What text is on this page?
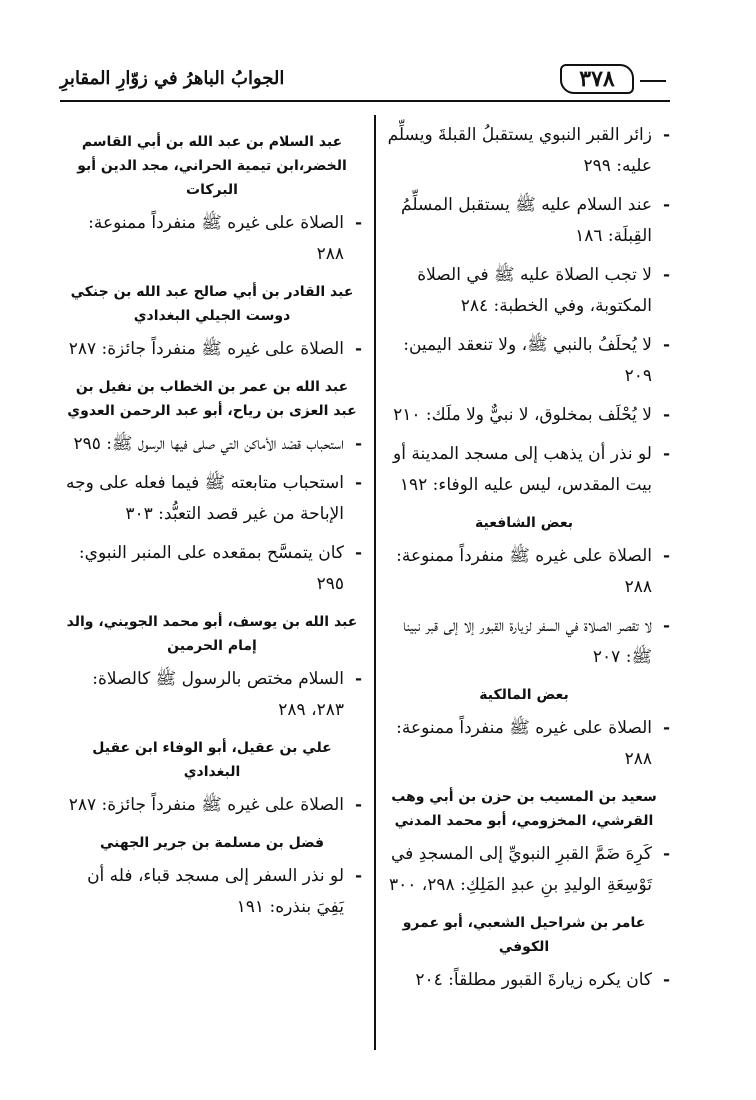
الجوابُ الباهرُ في زوّارِ المقابرِ	٣٧٨
-
زائر القبر النبوي يستقبلُ القبلةَ ويسلِّم عليه: ٢٩٩
-
عند السلام عليه ﷺ يستقبل المسلِّمُ القِبلَة: ١٨٦
-
لا تجب الصلاة عليه ﷺ في الصلاة المكتوبة، وفي الخطبة: ٢٨٤
-
لا يُحلَفُ بالنبي ﷺ، ولا تنعقد اليمين: ٢٠٩
-
لا يُحْلَف بمخلوق، لا نبيٌّ ولا ملَك: ٢١٠
-
لو نذر أن يذهب إلى مسجد المدينة أو بيت المقدس، ليس عليه الوفاء: ١٩٢
بعض الشافعية
-
الصلاة على غيره ﷺ منفرداً ممنوعة: ٢٨٨
-
لا تقصر الصلاة في السفر لزيارة القبور إلا إلى قبر نبينا ﷺ: ٢٠٧
بعض المالكية
-
الصلاة على غيره ﷺ منفرداً ممنوعة: ٢٨٨
سعيد بن المسيب بن حزن بن أبي وهب القرشي، المخزومي، أبو محمد المدني
-
كَرِهَ ضَمَّ القبرِ النبويِّ إلى المسجدِ في تَوْسِعَةِ الوليدِ بنِ عبدِ المَلِكِ: ٢٩٨، ٣٠٠
عامر بن شراحيل الشعبي، أبو عمرو الكوفي
-
كان يكره زيارةَ القبور مطلقاً: ٢٠٤
عبد السلام بن عبد الله بن أبي القاسم الخضر،ابن تيمية الحراني، مجد الدين أبو البركات
-
الصلاة على غيره ﷺ منفرداً ممنوعة: ٢٨٨
عبد القادر بن أبي صالح عبد الله بن جنكي دوست الجيلي البغدادي
-
الصلاة على غيره ﷺ منفرداً جائزة: ٢٨٧
عبد الله بن عمر بن الخطاب بن نفيل بن عبد العزى بن رياح، أبو عبد الرحمن العدوي
-
استحباب قصْد الأماكن التي صلى فيها الرسول ﷺ: ٢٩٥
-
استحباب متابعته ﷺ فيما فعله على وجه الإباحة من غير قصد التعبُّد: ٣٠٣
-
كان يتمسَّح بمقعده على المنبر النبوي: ٢٩٥
عبد الله بن يوسف، أبو محمد الجويني، والد إمام الحرمين
-
السلام مختص بالرسول ﷺ كالصلاة: ٢٨٣، ٢٨٩
علي بن عقيل، أبو الوفاء ابن عقيل البغدادي
-
الصلاة على غيره ﷺ منفرداً جائزة: ٢٨٧
فضل بن مسلمة بن جرير الجهني
-
لو نذر السفر إلى مسجد قباء، فله أن يَفِيَ بنذره: ١٩١
